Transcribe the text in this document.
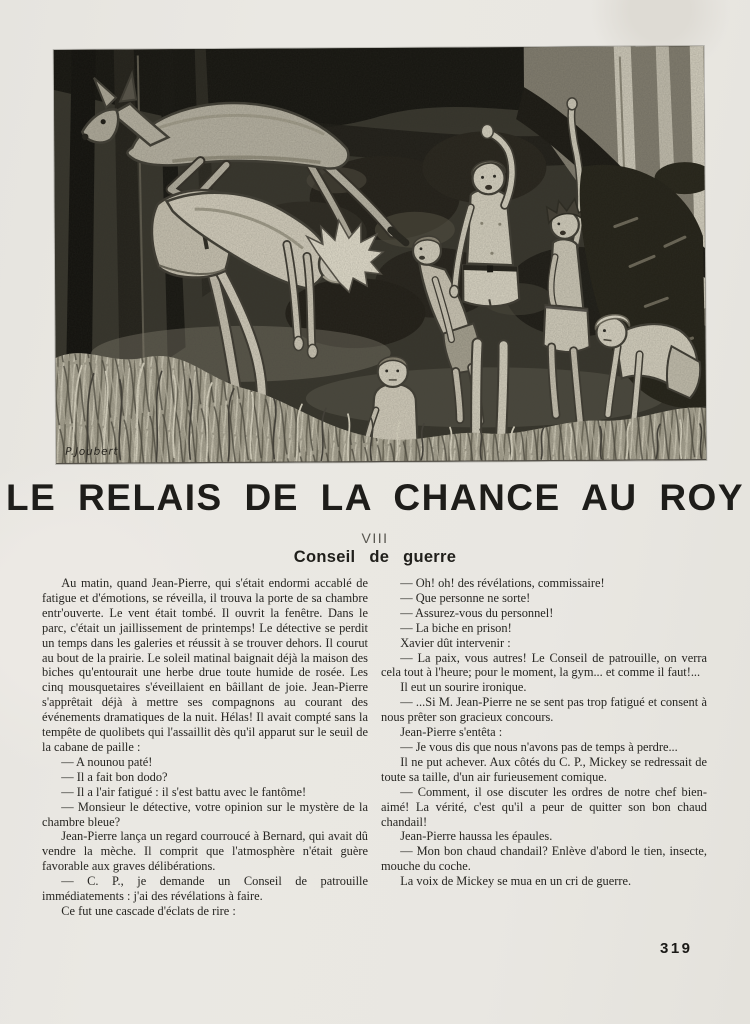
P.Joubert
LE RELAIS DE LA CHANCE AU ROY
VIII
Conseil de guerre

Au matin, quand Jean-Pierre, qui s'était endormi accablé de fatigue et d'émotions, se réveilla, il trouva la porte de sa chambre entr'ouverte. Le vent était tombé. Il ouvrit la fenêtre. Dans le parc, c'était un jaillissement de printemps! Le détective se perdit un temps dans les galeries et réussit à se trouver dehors. Il courut au bout de la prairie. Le soleil matinal baignait déjà la maison des biches qu'entourait une herbe drue toute humide de rosée. Les cinq mousquetaires s'éveillaient en bâillant de joie. Jean-Pierre s'apprêtait déjà à mettre ses compagnons au courant des événements dramatiques de la nuit. Hélas! Il avait compté sans la tempête de quolibets qui l'assaillit dès qu'il apparut sur le seuil de la cabane de paille :

— A nounou paté!

— Il a fait bon dodo?

— Il a l'air fatigué : il s'est battu avec le fantôme!

— Monsieur le détective, votre opinion sur le mystère de la chambre bleue?

Jean-Pierre lança un regard courroucé à Bernard, qui avait dû vendre la mèche. Il comprit que l'atmosphère n'était guère favorable aux graves délibérations.

— C. P., je demande un Conseil de patrouille immédiatements : j'ai des révélations à faire.

Ce fut une cascade d'éclats de rire :

— Oh! oh! des révélations, commissaire!

— Que personne ne sorte!

— Assurez-vous du personnel!

— La biche en prison!

Xavier dût intervenir :

— La paix, vous autres! Le Conseil de patrouille, on verra cela tout à l'heure; pour le moment, la gym... et comme il faut!...

Il eut un sourire ironique.

— ...Si M. Jean-Pierre ne se sent pas trop fatigué et consent à nous prêter son gracieux concours.

Jean-Pierre s'entêta :

— Je vous dis que nous n'avons pas de temps à perdre...

Il ne put achever. Aux côtés du C. P., Mickey se redressait de toute sa taille, d'un air furieusement comique.

— Comment, il ose discuter les ordres de notre chef bien-aimé! La vérité, c'est qu'il a peur de quitter son bon chaud chandail!

Jean-Pierre haussa les épaules.

— Mon bon chaud chandail? Enlève d'abord le tien, insecte, mouche du coche.

La voix de Mickey se mua en un cri de guerre.

319
